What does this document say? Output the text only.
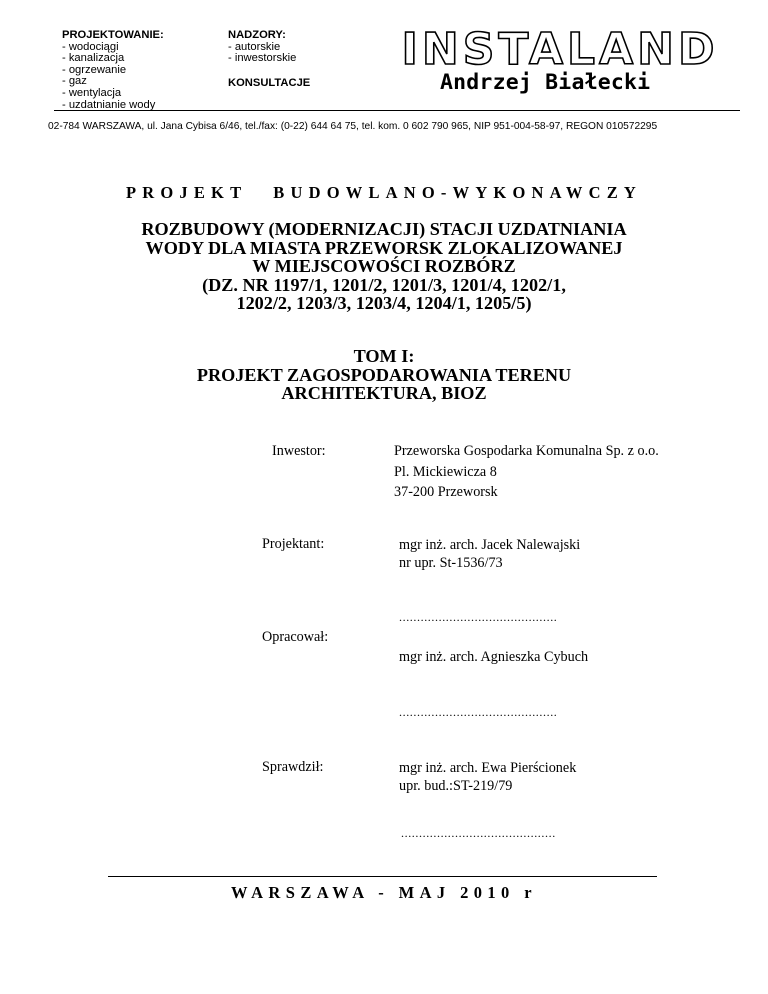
PROJEKTOWANIE:
- wodociągi
- kanalizacja
- ogrzewanie
- gaz
- wentylacja
- uzdatnianie wody
NADZORY:
- autorskie
- inwestorskie
KONSULTACJE
INSTALAND
Andrzej Białecki
02-784 WARSZAWA, ul. Jana Cybisa 6/46, tel./fax: (0-22) 644 64 75, tel. kom. 0 602 790 965, NIP 951-004-58-97, REGON 010572295
PROJEKT BUDOWLANO-WYKONAWCZY
ROZBUDOWY (MODERNIZACJI) STACJI UZDATNIANIA
WODY DLA MIASTA PRZEWORSK ZLOKALIZOWANEJ
W MIEJSCOWOŚCI ROZBÓRZ
(DZ. NR 1197/1, 1201/2, 1201/3, 1201/4, 1202/1,
1202/2, 1203/3, 1203/4, 1204/1, 1205/5)
TOM I:
PROJEKT ZAGOSPODAROWANIA TERENU
ARCHITEKTURA, BIOZ
Inwestor:	Przeworska Gospodarka Komunalna Sp. z o.o.
Pl. Mickiewicza 8
37-200 Przeworsk
Projektant:	mgr inż. arch. Jacek Nalewajski
nr upr. St-1536/73
............................................
Opracował:
mgr inż. arch. Agnieszka Cybuch
............................................
Sprawdził:	mgr inż. arch. Ewa Pierścionek
upr. bud.:ST-219/79
...........................................
WARSZAWA - MAJ 2010 r
